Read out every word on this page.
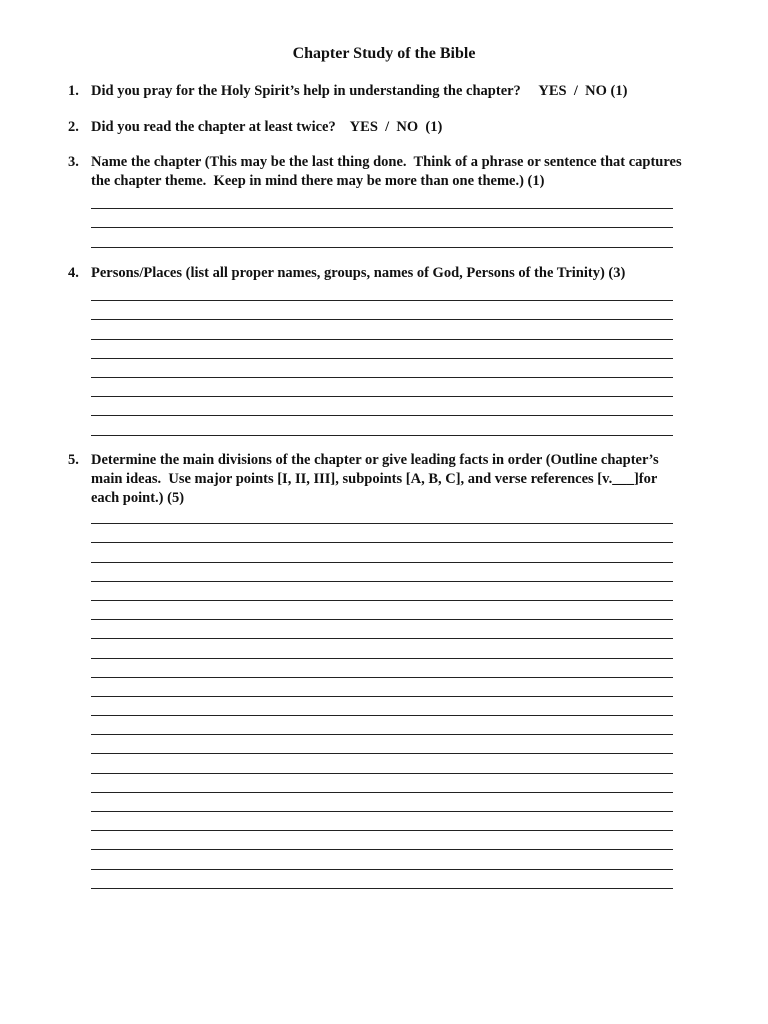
Chapter Study of the Bible
1. Did you pray for the Holy Spirit’s help in understanding the chapter?     YES  /  NO (1)
2. Did you read the chapter at least twice?    YES  /  NO  (1)
3. Name the chapter (This may be the last thing done.  Think of a phrase or sentence that captures the chapter theme.  Keep in mind there may be more than one theme.) (1)
4. Persons/Places (list all proper names, groups, names of God, Persons of the Trinity) (3)
5. Determine the main divisions of the chapter or give leading facts in order (Outline chapter’s main ideas.  Use major points [I, II, III], subpoints [A, B, C], and verse references [v.___]for each point.) (5)
